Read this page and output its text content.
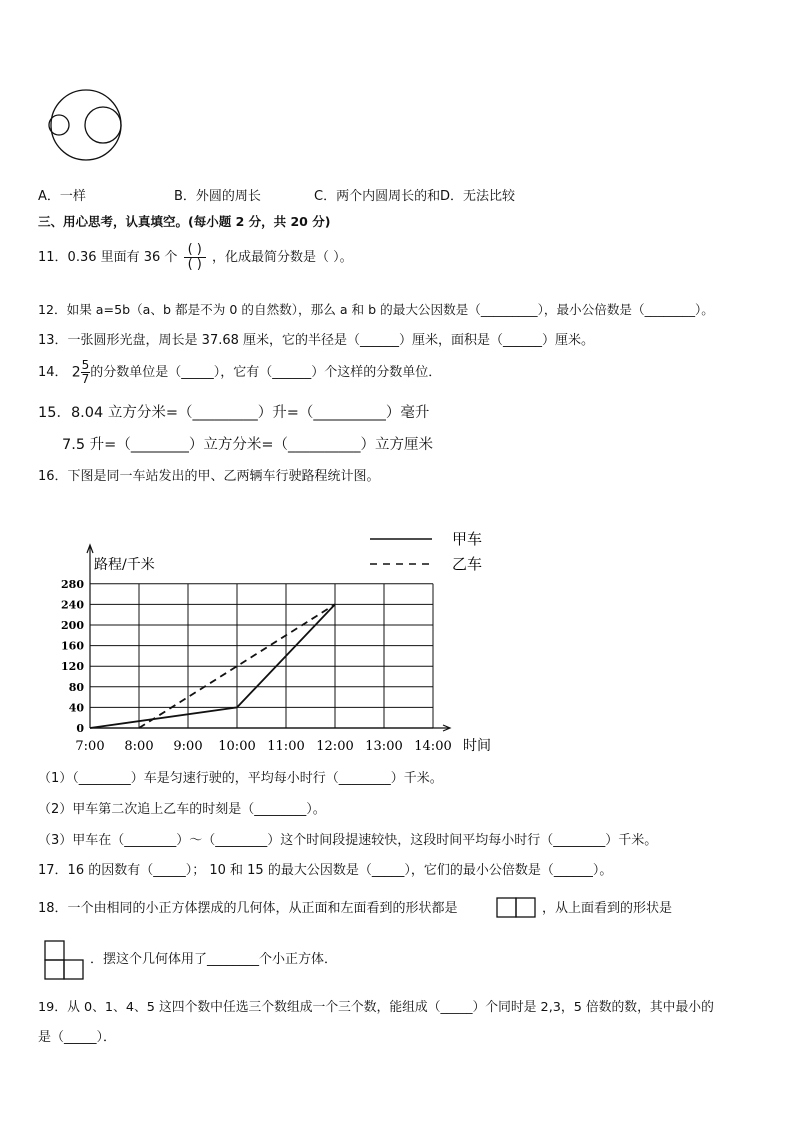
A．一样	B．外圆的周长	C．两个内圆周长的和 D．无法比较
三、用心思考，认真填空。(每小题 2 分，共 20 分)
11．0.36 里面有 36 个 $\frac{( )}{( )}$ ，化成最简分数是（ ）。
12．如果 a=5b（a、b 都是不为 0 的自然数），那么 a 和 b 的最大公因数是（_________），最小公倍数是（________）。
13．一张圆形光盘，周长是 37.68 厘米，它的半径是（______）厘米，面积是（______）厘米。
14． $2 \frac{5}{7}$ 的分数单位是（_____），它有（______）个这样的分数单位．
15．8.04 立方分米=（_________）升=（__________）毫升
7.5 升=（________）立方分米=（__________）立方厘米
16．下图是同一车站发出的甲、乙两辆车行驶路程统计图。
0
40
80
120
160
200
240
280
7:00 8:00 9:00 10:00 11:00 12:00 13:00 14:00
路程/千米
时间
甲车
乙车
（1）（________）车是匀速行驶的，平均每小时行（________）千米。
（2）甲车第二次追上乙车的时刻是（________）。
（3）甲车在（________）～（________）这个时间段提速较快，这段时间平均每小时行（________）千米。
17．16 的因数有（_____）； 10 和 15 的最大公因数是（_____），它们的最小公倍数是（______）。
18．一个由相同的小正方体摆成的几何体，从正面和左面看到的形状都是	，从上面看到的形状是
．摆这个几何体用了________个小正方体．
19．从 0、1、4、5 这四个数中任选三个数组成一个三个数，能组成（_____）个同时是 2,3，5 倍数的数，其中最小的
是（_____）．
